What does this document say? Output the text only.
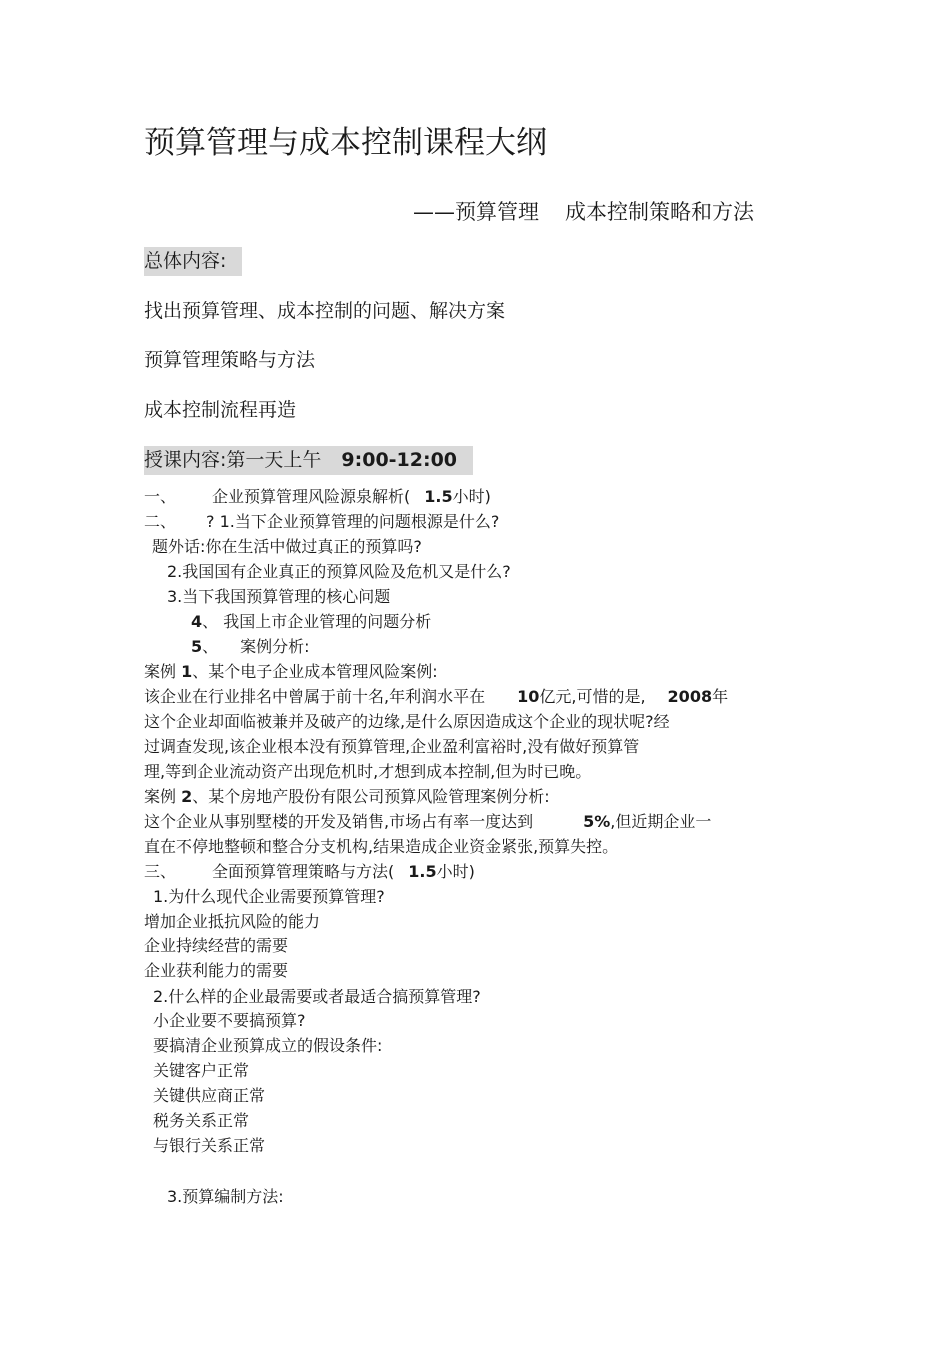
预算管理与成本控制课程大纲
——预算管理 成本控制策略和方法
总体内容:
找出预算管理、成本控制的问题、解决方案
预算管理策略与方法
成本控制流程再造
授课内容:第一天上午 9:00-12:00
一、 企业预算管理风险源泉解析( 1.5小时)
二、 ? 1.当下企业预算管理的问题根源是什么?
题外话:你在生活中做过真正的预算吗?
2.我国国有企业真正的预算风险及危机又是什么?
3.当下我国预算管理的核心问题
4、 我国上市企业管理的问题分析
5、 案例分析:
案例 1、某个电子企业成本管理风险案例:
该企业在行业排名中曾属于前十名,年利润水平在 10亿元,可惜的是, 2008年
这个企业却面临被兼并及破产的边缘,是什么原因造成这个企业的现状呢?经
过调查发现,该企业根本没有预算管理,企业盈利富裕时,没有做好预算管
理,等到企业流动资产出现危机时,才想到成本控制,但为时已晚。
案例 2、某个房地产股份有限公司预算风险管理案例分析:
这个企业从事别墅楼的开发及销售,市场占有率一度达到	5%,但近期企业一
直在不停地整顿和整合分支机构,结果造成企业资金紧张,预算失控。
三、 全面预算管理策略与方法( 1.5小时)
1.为什么现代企业需要预算管理?
增加企业抵抗风险的能力
企业持续经营的需要
企业获利能力的需要
2.什么样的企业最需要或者最适合搞预算管理?
小企业要不要搞预算?
要搞清企业预算成立的假设条件:
关键客户正常
关键供应商正常
税务关系正常
与银行关系正常
3.预算编制方法:
